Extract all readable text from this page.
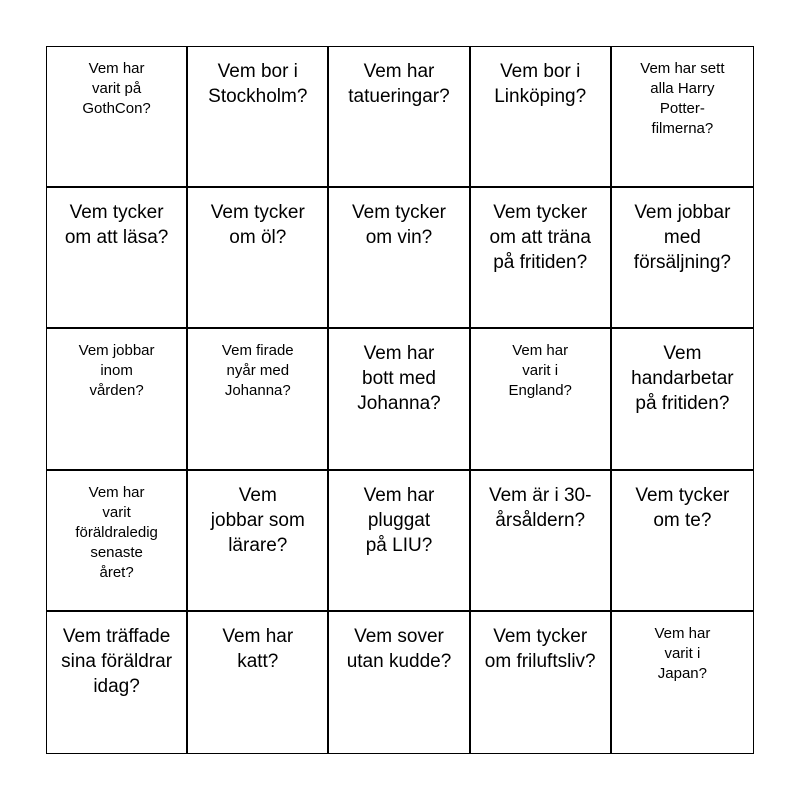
Vem har
varit på
GothCon?
Vem bor i
Stockholm?
Vem har
tatueringar?
Vem bor i
Linköping?
Vem har sett
alla Harry
Potter-
filmerna?
Vem tycker
om att läsa?
Vem tycker
om öl?
Vem tycker
om vin?
Vem tycker
om att träna
på fritiden?
Vem jobbar
med
försäljning?
Vem jobbar
inom
vården?
Vem firade
nyår med
Johanna?
Vem har
bott med
Johanna?
Vem har
varit i
England?
Vem
handarbetar
på fritiden?
Vem har
varit
föräldraledig
senaste
året?
Vem
jobbar som
lärare?
Vem har
pluggat
på LIU?
Vem är i 30-
årsåldern?
Vem tycker
om te?
Vem träffade
sina föräldrar
idag?
Vem har
katt?
Vem sover
utan kudde?
Vem tycker
om friluftsliv?
Vem har
varit i
Japan?
